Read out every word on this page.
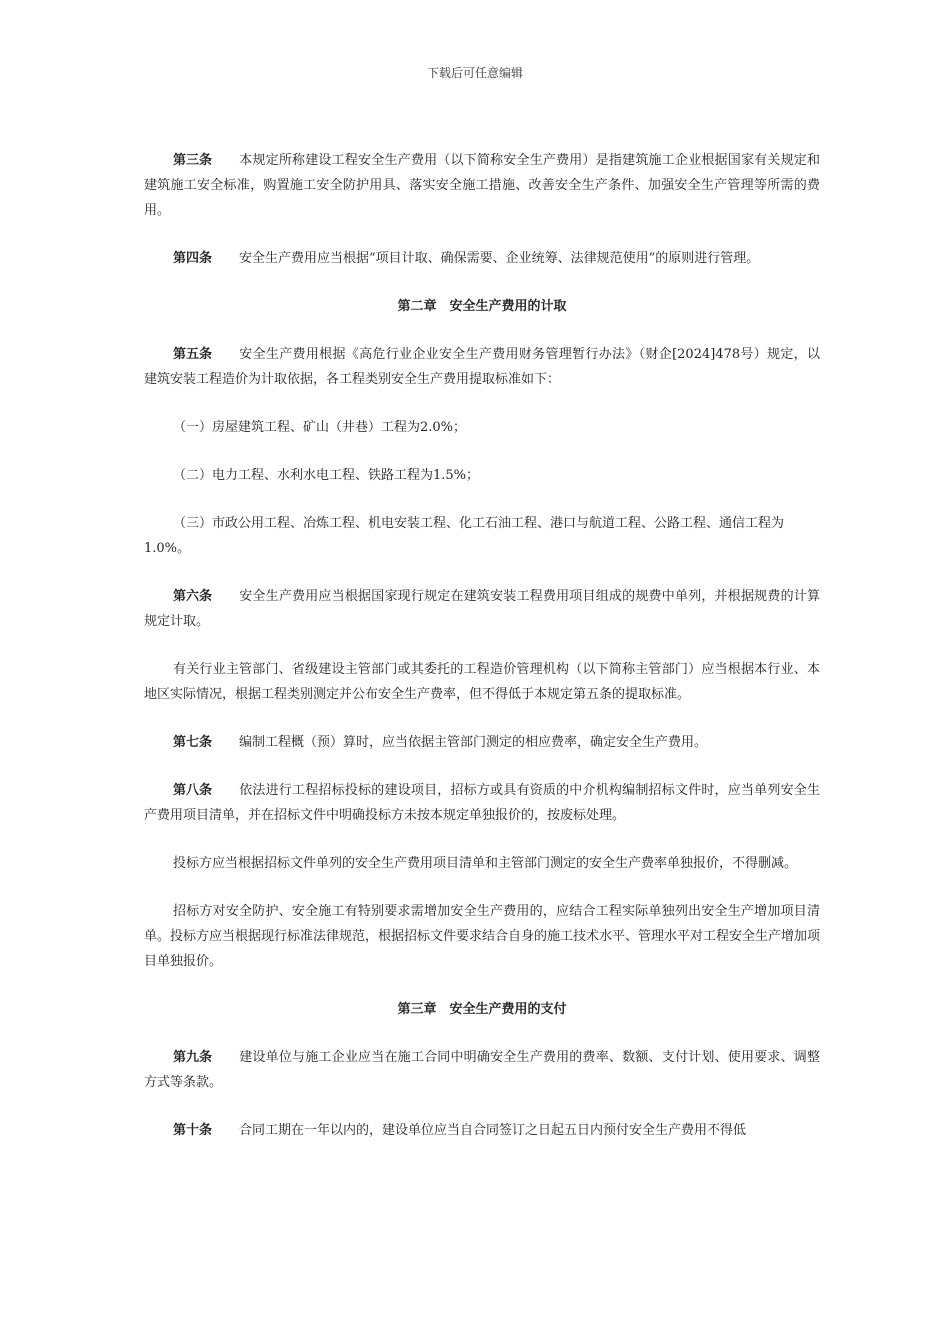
下载后可任意编辑

第三条 本规定所称建设工程安全生产费用（以下简称安全生产费用）是指建筑施工企业根据国家有关规定和建筑施工安全标准，购置施工安全防护用具、落实安全施工措施、改善安全生产条件、加强安全生产管理等所需的费用。

第四条 安全生产费用应当根据“项目计取、确保需要、企业统筹、法律规范使用”的原则进行管理。

第二章　安全生产费用的计取

第五条 安全生产费用根据《高危行业企业安全生产费用财务管理暂行办法》（财企[2024]478号）规定，以建筑安装工程造价为计取依据，各工程类别安全生产费用提取标准如下：

（一）房屋建筑工程、矿山（井巷）工程为2.0%；

（二）电力工程、水利水电工程、铁路工程为1.5%；

（三）市政公用工程、冶炼工程、机电安装工程、化工石油工程、港口与航道工程、公路工程、通信工程为1.0%。

第六条 安全生产费用应当根据国家现行规定在建筑安装工程费用项目组成的规费中单列，并根据规费的计算规定计取。

有关行业主管部门、省级建设主管部门或其委托的工程造价管理机构（以下简称主管部门）应当根据本行业、本地区实际情况，根据工程类别测定并公布安全生产费率，但不得低于本规定第五条的提取标准。

第七条 编制工程概（预）算时，应当依据主管部门测定的相应费率，确定安全生产费用。

第八条 依法进行工程招标投标的建设项目，招标方或具有资质的中介机构编制招标文件时，应当单列安全生产费用项目清单，并在招标文件中明确投标方未按本规定单独报价的，按废标处理。

投标方应当根据招标文件单列的安全生产费用项目清单和主管部门测定的安全生产费率单独报价，不得删减。

招标方对安全防护、安全施工有特别要求需增加安全生产费用的，应结合工程实际单独列出安全生产增加项目清单。投标方应当根据现行标准法律规范，根据招标文件要求结合自身的施工技术水平、管理水平对工程安全生产增加项目单独报价。

第三章　安全生产费用的支付

第九条 建设单位与施工企业应当在施工合同中明确安全生产费用的费率、数额、支付计划、使用要求、调整方式等条款。

第十条 合同工期在一年以内的，建设单位应当自合同签订之日起五日内预付安全生产费用不得低
